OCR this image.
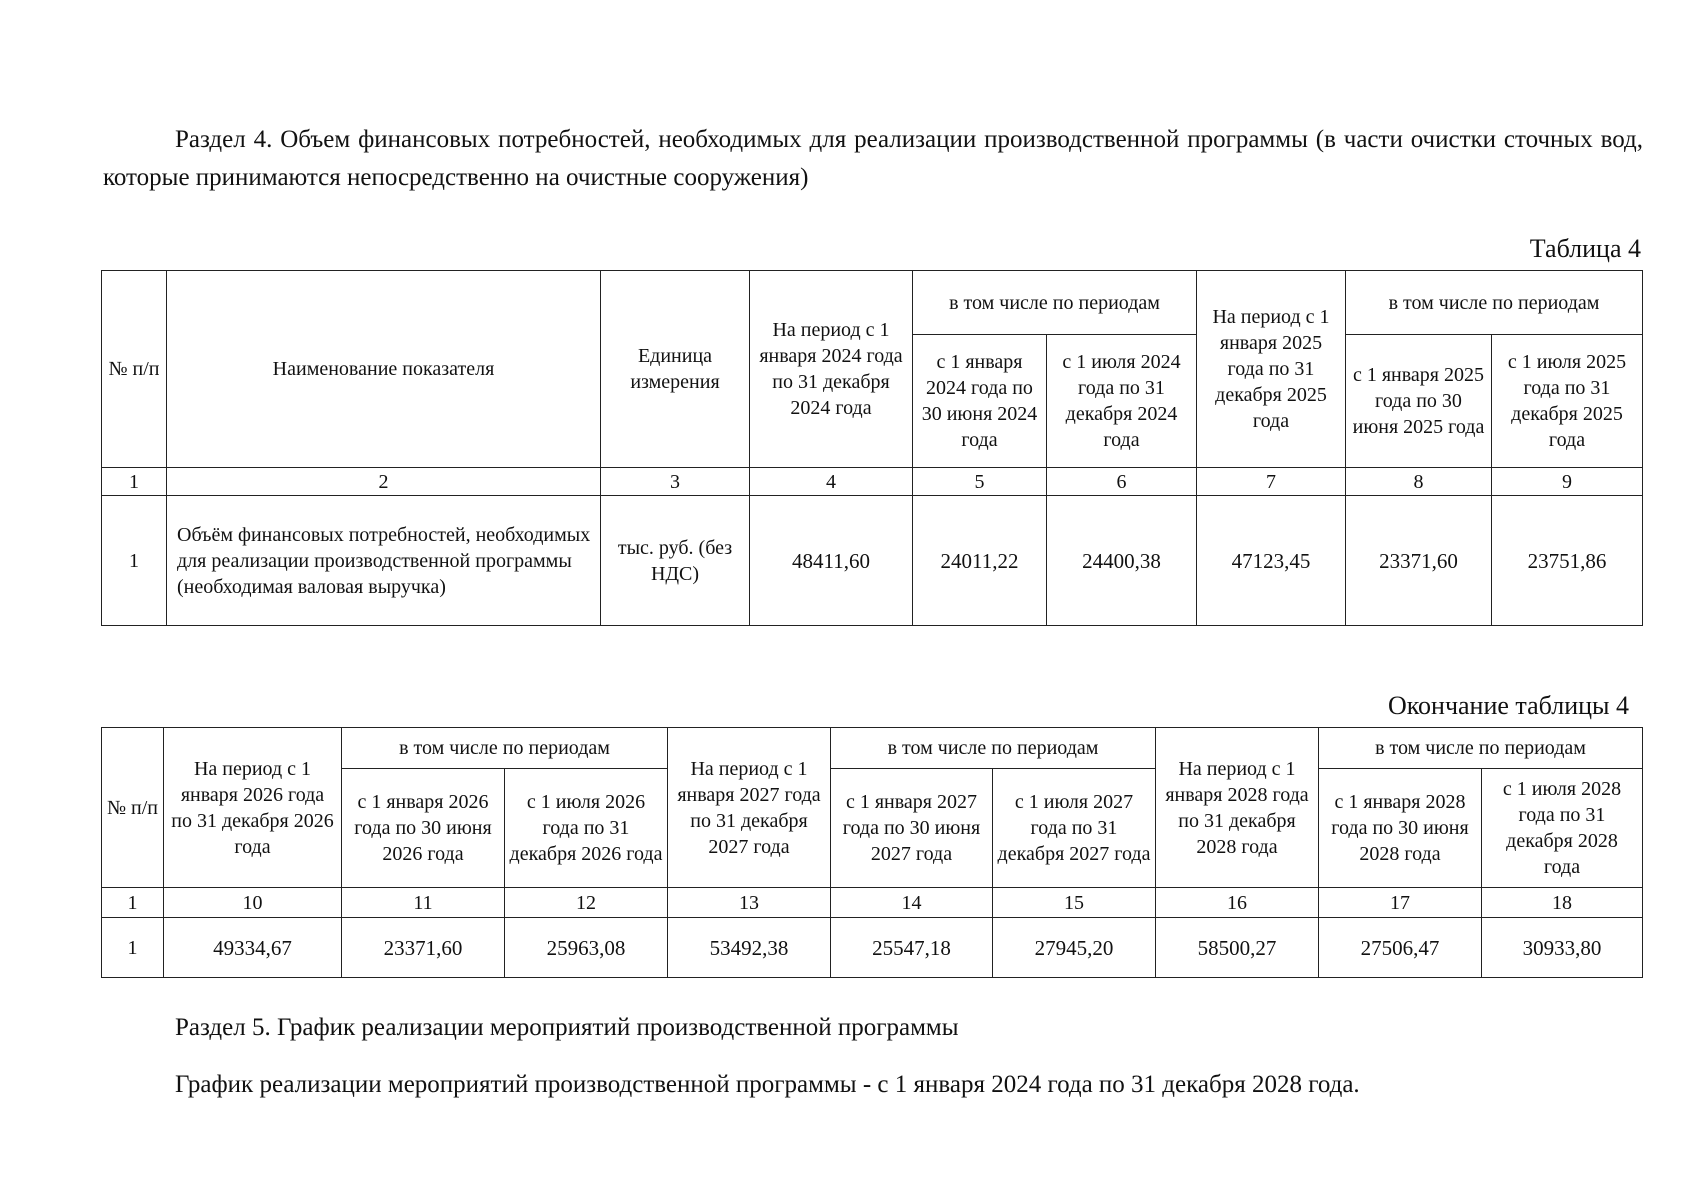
Раздел 4. Объем финансовых потребностей, необходимых для реализации производственной программы (в части очистки сточных вод, которые принимаются непосредственно на очистные сооружения)

Таблица 4
№ п/п	Наименование показателя	Единица измерения	На период с 1 января 2024 года по 31 декабря 2024 года	в том числе по периодам		На период с 1 января 2025 года по 31 декабря 2025 года	в том числе по периодам	
				с 1 января 2024 года по 30 июня 2024 года	с 1 июля 2024 года по 31 декабря 2024 года		с 1 января 2025 года по 30 июня 2025 года	с 1 июля 2025 года по 31 декабря 2025 года
1	2	3	4	5	6	7	8	9
1	Объём финансовых потребностей, необходимых для реализации производственной программы (необходимая валовая выручка)	тыс. руб. (без НДС)	48411,60	24011,22	24400,38	47123,45	23371,60	23751,86
Окончание таблицы 4
№ п/п	На период с 1 января 2026 года по 31 декабря 2026 года	в том числе по периодам		На период с 1 января 2027 года по 31 декабря 2027 года	в том числе по периодам		На период с 1 января 2028 года по 31 декабря 2028 года	в том числе по периодам	
		с 1 января 2026 года по 30 июня 2026 года	с 1 июля 2026 года по 31 декабря 2026 года		с 1 января 2027 года по 30 июня 2027 года	с 1 июля 2027 года по 31 декабря 2027 года		с 1 января 2028 года по 30 июня 2028 года	с 1 июля 2028 года по 31 декабря 2028 года
1	10	11	12	13	14	15	16	17	18
1	49334,67	23371,60	25963,08	53492,38	25547,18	27945,20	58500,27	27506,47	30933,80

Раздел 5. График реализации мероприятий производственной программы

График реализации мероприятий производственной программы - с 1 января 2024 года по 31 декабря 2028 года.
